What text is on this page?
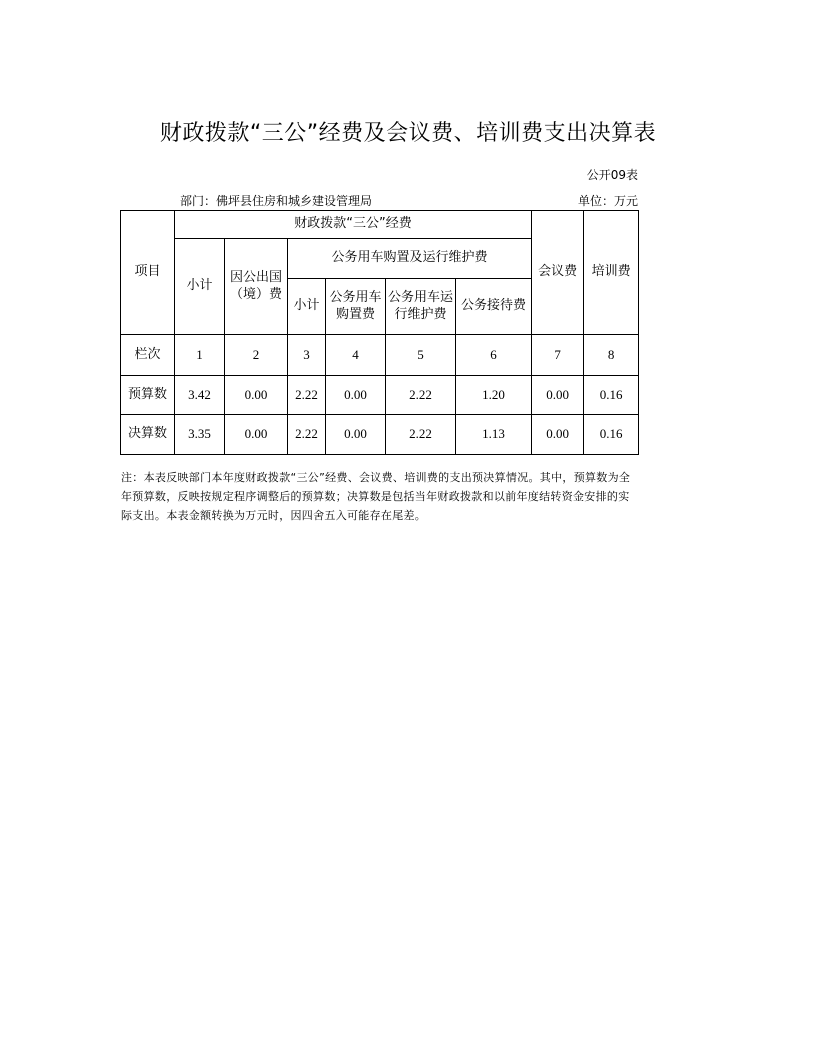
财政拨款“三公”经费及会议费、培训费支出决算表
公开09表
部门：佛坪县住房和城乡建设管理局	单位：万元
项目	财政拨款“三公”经费						会议费	培训费
	小计	因公出国（境）费	公务用车购置及运行维护费					
			小计	公务用车购置费	公务用车运行维护费	公务接待费		
栏次	1	2	3	4	5	6	7	8
预算数	3.42	0.00	2.22	0.00	2.22	1.20	0.00	0.16
决算数	3.35	0.00	2.22	0.00	2.22	1.13	0.00	0.16
注：本表反映部门本年度财政拨款“三公”经费、会议费、培训费的支出预决算情况。其中，预算数为全年预算数，反映按规定程序调整后的预算数；决算数是包括当年财政拨款和以前年度结转资金安排的实际支出。本表金额转换为万元时，因四舍五入可能存在尾差。
